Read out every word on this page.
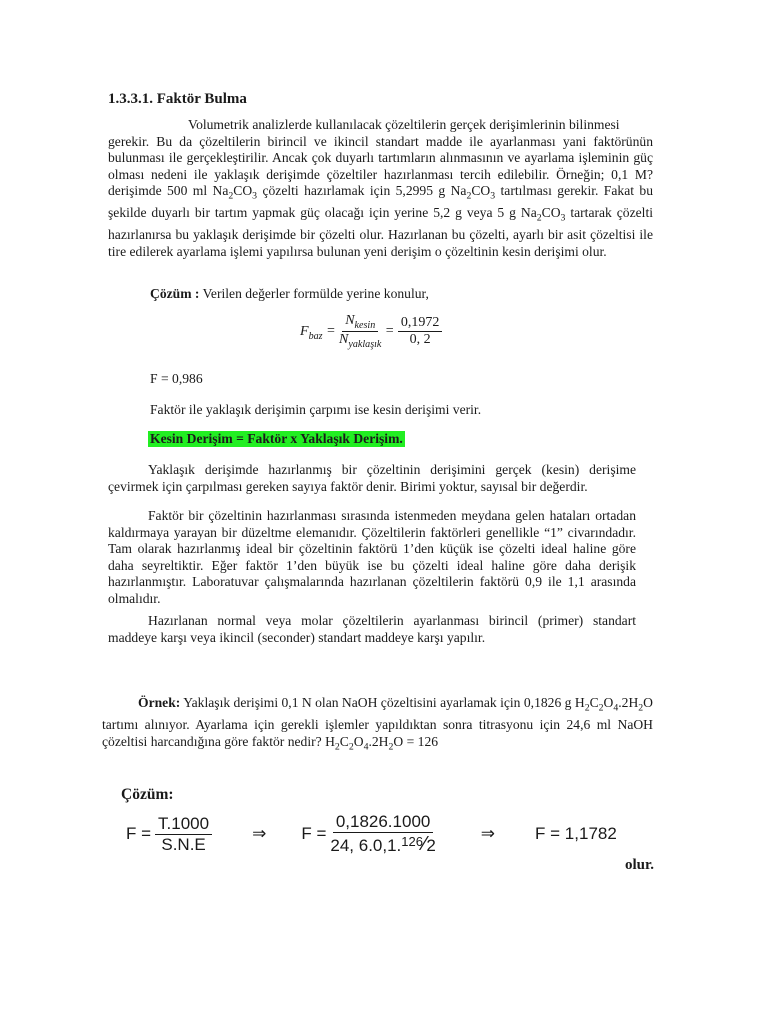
1.3.3.1. Faktör Bulma
Volumetrik analizlerde kullanılacak çözeltilerin gerçek derişimlerinin bilinmesi
gerekir. Bu da çözeltilerin birincil ve ikincil standart madde ile ayarlanması yani faktörünün bulunması ile gerçekleştirilir. Ancak çok duyarlı tartımların alınmasının ve ayarlama işleminin güç olması nedeni ile yaklaşık derişimde çözeltiler hazırlanması tercih edilebilir. Örneğin; 0,1 M? derişimde 500 ml $Na_2CO_3$ çözelti hazırlamak için 5,2995 g $Na_2CO_3$ tartılması gerekir. Fakat bu şekilde duyarlı bir tartım yapmak güç olacağı için yerine 5,2 g veya 5 g $Na_2CO_3$ tartarak çözelti hazırlanırsa bu yaklaşık derişimde bir çözelti olur. Hazırlanan bu çözelti, ayarlı bir asit çözeltisi ile tire edilerek ayarlama işlemi yapılırsa bulunan yeni derişim o çözeltinin kesin derişimi olur.
Çözüm : Verilen değerler formülde yerine konulur,
$F_{baz} = \frac{N_{kesin}}{N_{yaklaşık}} = \frac{0,1972}{0, 2}$
F = 0,986
Faktör ile yaklaşık derişimin çarpımı ise kesin derişimi verir.
Kesin Derişim = Faktör x Yaklaşık Derişim.
Yaklaşık derişimde hazırlanmış bir çözeltinin derişimini gerçek (kesin) derişime çevirmek için çarpılması gereken sayıya faktör denir. Birimi yoktur, sayısal bir değerdir.
Faktör bir çözeltinin hazırlanması sırasında istenmeden meydana gelen hataları ortadan kaldırmaya yarayan bir düzeltme elemanıdır. Çözeltilerin faktörleri genellikle “1” civarındadır. Tam olarak hazırlanmış ideal bir çözeltinin faktörü 1’den küçük ise çözelti ideal haline göre daha seyreltiktir. Eğer faktör 1’den büyük ise bu çözelti ideal haline göre daha derişik hazırlanmıştır. Laboratuvar çalışmalarında hazırlanan çözeltilerin faktörü 0,9 ile 1,1 arasında olmalıdır.
Hazırlanan normal veya molar çözeltilerin ayarlanması birincil (primer) standart maddeye karşı veya ikincil (seconder) standart maddeye karşı yapılır.
Örnek: Yaklaşık derişimi 0,1 N olan NaOH çözeltisini ayarlamak için 0,1826 g $H_2C_2O_4.2H_2O$ tartımı alınıyor. Ayarlama için gerekli işlemler yapıldıktan sonra titrasyonu için 24,6 ml NaOH çözeltisi harcandığına göre faktör nedir? $H_2C_2O_4.2H_2O = 126$
Çözüm:
$F = \frac{T.1000}{S.N.E}$ ⇒ $F = \frac{0,1826.1000}{24, 6.0,1. 126 ⁄ 2}$	⇒ F = 1,1782
olur.
